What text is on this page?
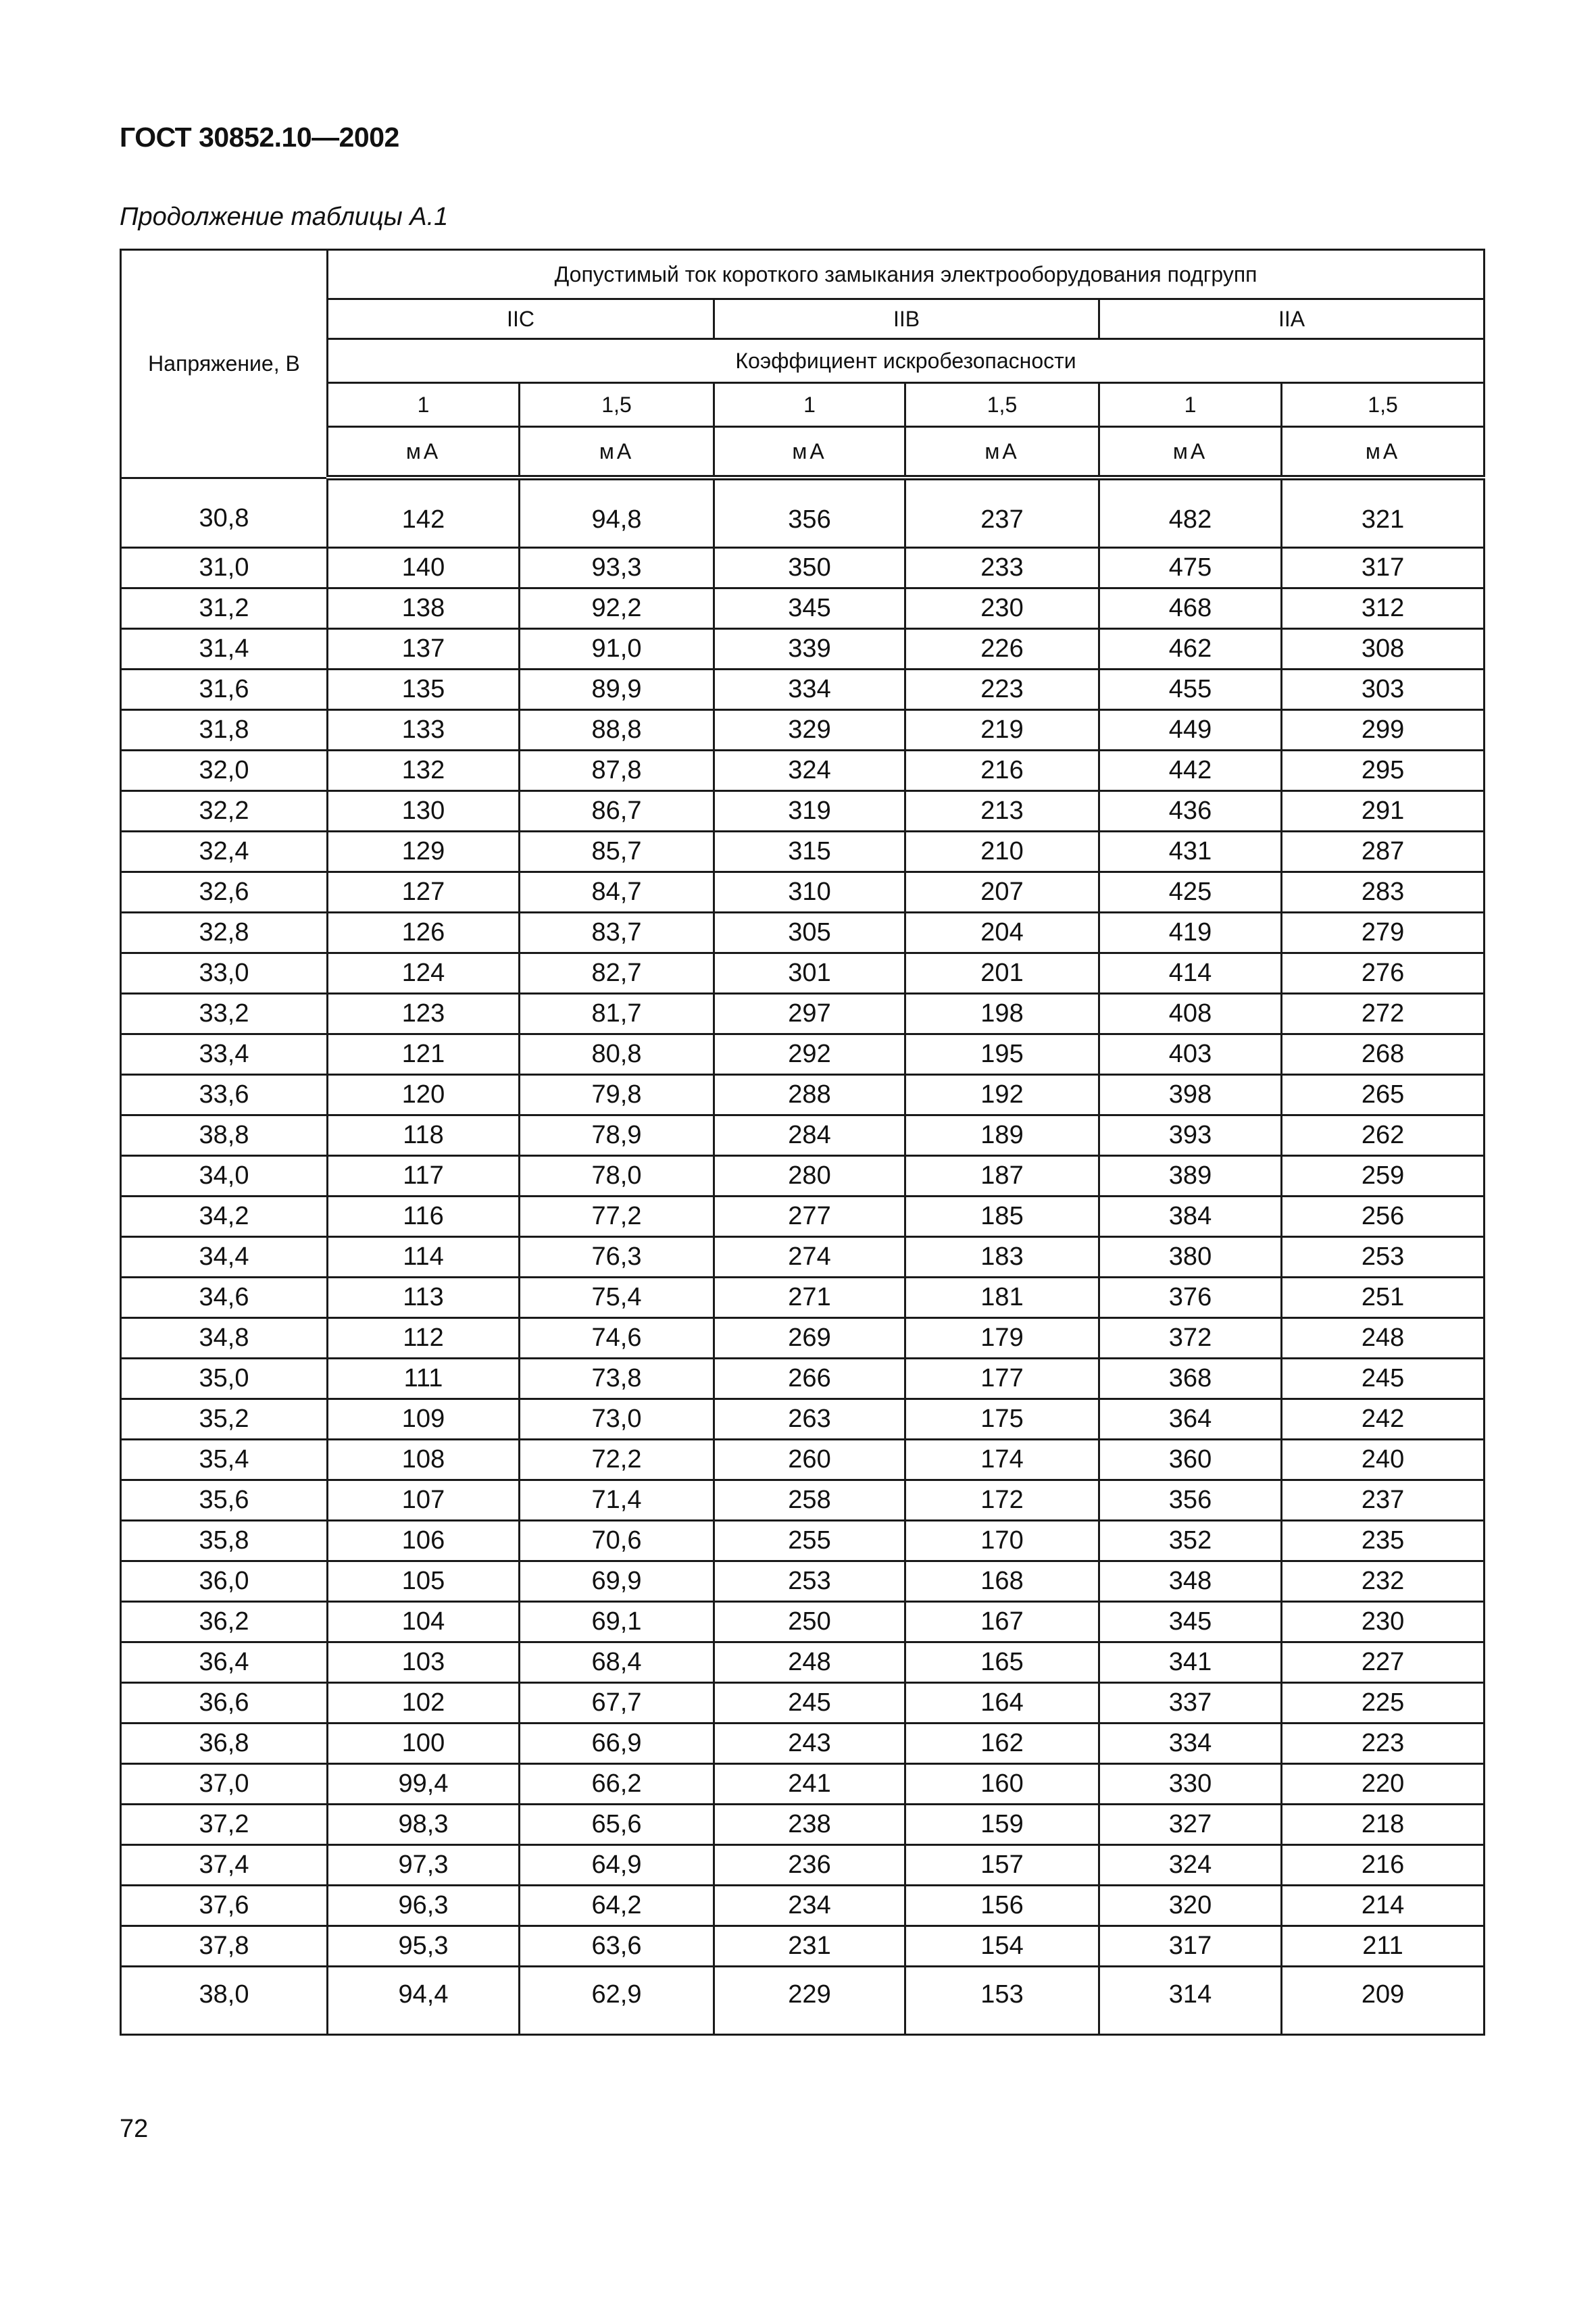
ГОСТ 30852.10—2002
Продолжение таблицы А.1
Напряжение, В	Допустимый ток короткого замыкания электрооборудования подгрупп					
	IIC		IIB		IIA	
	Коэффициент искробезопасности					
	1	1,5	1	1,5	1	1,5
	мА	мА	мА	мА	мА	мА
30,8	142	94,8	356	237	482	321
31,0	140	93,3	350	233	475	317
31,2	138	92,2	345	230	468	312
31,4	137	91,0	339	226	462	308
31,6	135	89,9	334	223	455	303
31,8	133	88,8	329	219	449	299
32,0	132	87,8	324	216	442	295
32,2	130	86,7	319	213	436	291
32,4	129	85,7	315	210	431	287
32,6	127	84,7	310	207	425	283
32,8	126	83,7	305	204	419	279
33,0	124	82,7	301	201	414	276
33,2	123	81,7	297	198	408	272
33,4	121	80,8	292	195	403	268
33,6	120	79,8	288	192	398	265
38,8	118	78,9	284	189	393	262
34,0	117	78,0	280	187	389	259
34,2	116	77,2	277	185	384	256
34,4	114	76,3	274	183	380	253
34,6	113	75,4	271	181	376	251
34,8	112	74,6	269	179	372	248
35,0	111	73,8	266	177	368	245
35,2	109	73,0	263	175	364	242
35,4	108	72,2	260	174	360	240
35,6	107	71,4	258	172	356	237
35,8	106	70,6	255	170	352	235
36,0	105	69,9	253	168	348	232
36,2	104	69,1	250	167	345	230
36,4	103	68,4	248	165	341	227
36,6	102	67,7	245	164	337	225
36,8	100	66,9	243	162	334	223
37,0	99,4	66,2	241	160	330	220
37,2	98,3	65,6	238	159	327	218
37,4	97,3	64,9	236	157	324	216
37,6	96,3	64,2	234	156	320	214
37,8	95,3	63,6	231	154	317	211
38,0	94,4	62,9	229	153	314	209
72
